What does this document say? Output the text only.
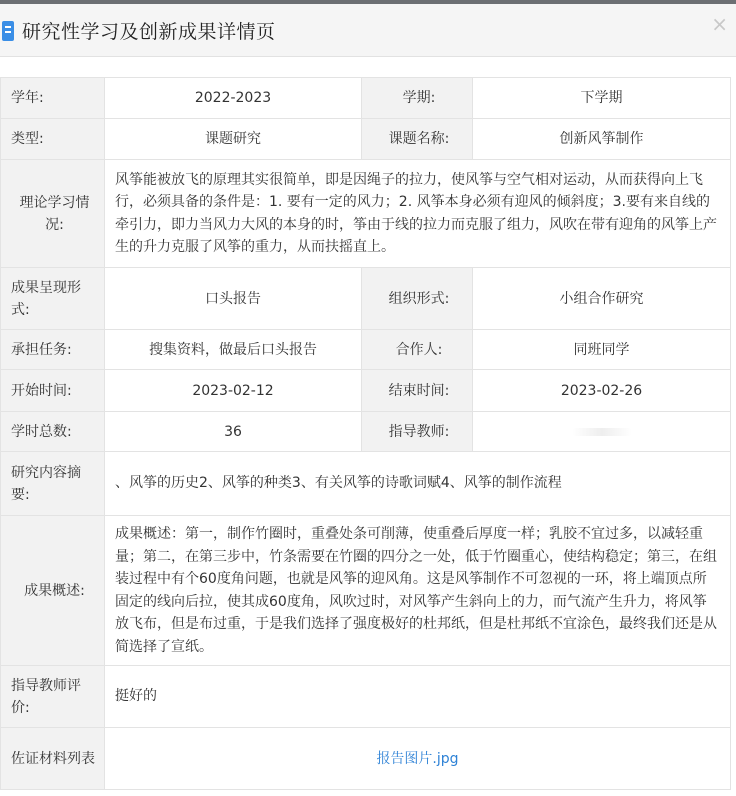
研究性学习及创新成果详情页	×
学年:	2022-2023	学期:	下学期
类型:	课题研究	课题名称:	创新风筝制作
理论学习情况:	风筝能被放飞的原理其实很简单，即是因绳子的拉力，使风筝与空气相对运动，从而获得向上飞行，必须具备的条件是：1. 要有一定的风力；2. 风筝本身必须有迎风的倾斜度；3.要有来自线的牵引力，即力当风力大风的本身的时，筝由于线的拉力而克服了组力，风吹在带有迎角的风筝上产生的升力克服了风筝的重力，从而扶摇直上。		
成果呈现形式:	口头报告	组织形式:	小组合作研究
承担任务:	搜集资料，做最后口头报告	合作人:	同班同学
开始时间:	2023-02-12	结束时间:	2023-02-26
学时总数:	36	指导教师:	
研究内容摘要:	、风筝的历史2、风筝的种类3、有关风筝的诗歌词赋4、风筝的制作流程		
成果概述:	成果概述：第一，制作竹圈时，重叠处条可削薄，使重叠后厚度一样；乳胶不宜过多，以减轻重量；第二，在第三步中，竹条需要在竹圈的四分之一处，低于竹圈重心，使结构稳定；第三，在组装过程中有个60度角问题，也就是风筝的迎风角。这是风筝制作不可忽视的一环，将上端顶点所固定的线向后拉，使其成60度角，风吹过时，对风筝产生斜向上的力，而气流产生升力，将风筝放飞布，但是布过重，于是我们选择了强度极好的杜邦纸，但是杜邦纸不宜涂色，最终我们还是从简选择了宣纸。		
指导教师评价:	挺好的		
佐证材料列表	报告图片.jpg		
